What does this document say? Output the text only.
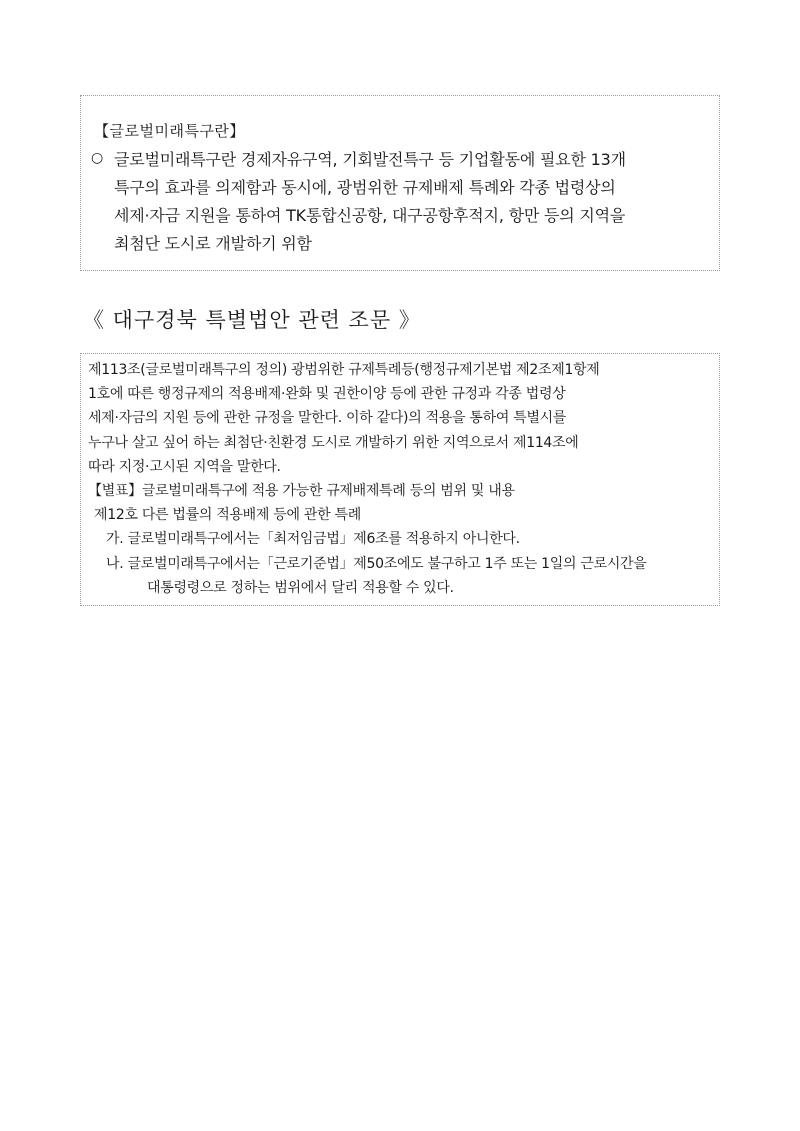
【글로벌미래특구란】
○ 글로벌미래특구란 경제자유구역, 기회발전특구 등 기업활동에 필요한 13개
특구의 효과를 의제함과 동시에, 광범위한 규제배제 특례와 각종 법령상의
세제·자금 지원을 통하여 TK통합신공항, 대구공항후적지, 항만 등의 지역을
최첨단 도시로 개발하기 위함
《 대구경북 특별법안 관련 조문 》
제113조(글로벌미래특구의 정의) 광범위한 규제특례등(행정규제기본법 제2조제1항제
1호에 따른 행정규제의 적용배제·완화 및 권한이양 등에 관한 규정과 각종 법령상
세제·자금의 지원 등에 관한 규정을 말한다. 이하 같다)의 적용을 통하여 특별시를
누구나 살고 싶어 하는 최첨단·친환경 도시로 개발하기 위한 지역으로서 제114조에
따라 지정·고시된 지역을 말한다.
【별표】글로벌미래특구에 적용 가능한 규제배제특례 등의 범위 및 내용
제12호 다른 법률의 적용배제 등에 관한 특례
가. 글로벌미래특구에서는「최저임금법」제6조를 적용하지 아니한다.
나. 글로벌미래특구에서는「근로기준법」제50조에도 불구하고 1주 또는 1일의 근로시간을
대통령령으로 정하는 범위에서 달리 적용할 수 있다.
